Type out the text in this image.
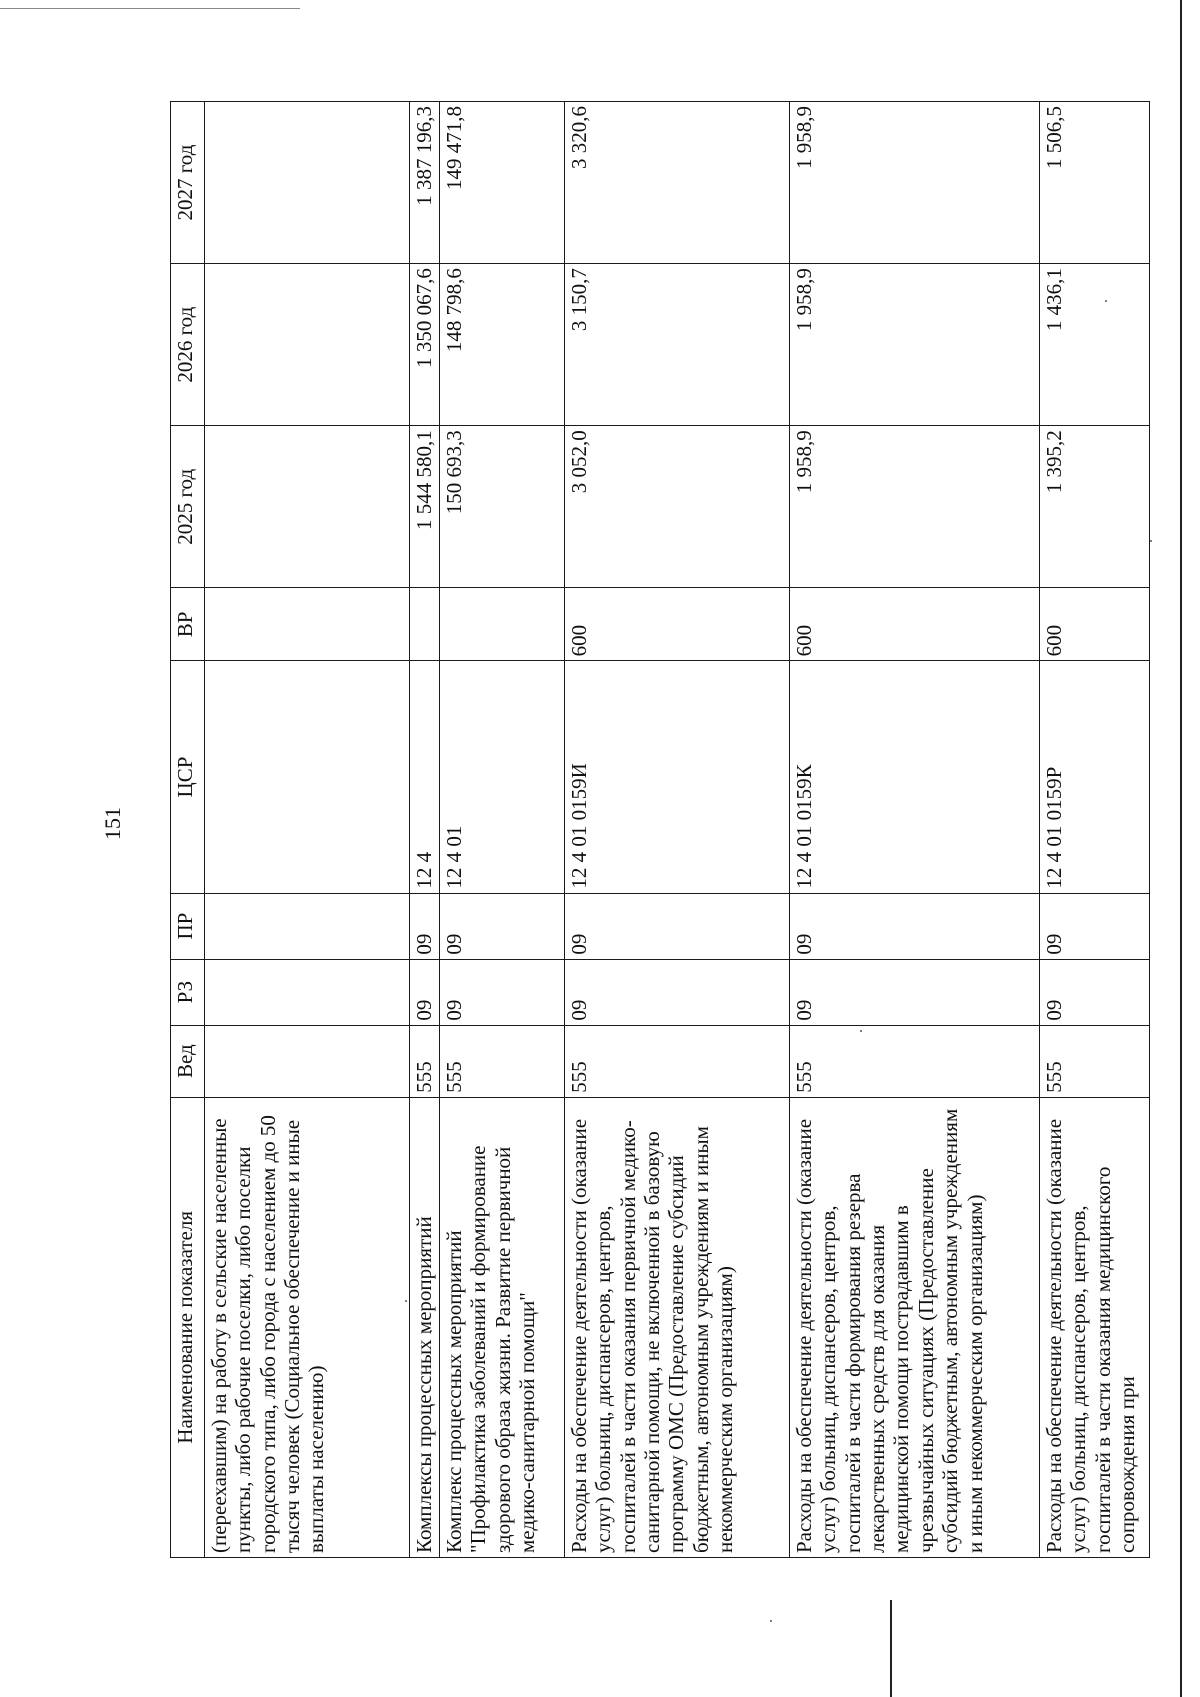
151
Наименование показателя	Вед	РЗ	ПР	ЦСР	ВР	2025 год	2026 год	2027 год
(переехавшим) на работу в сельские населенные пункты, либо рабочие поселки, либо поселки городского типа, либо города с населением до 50 тысяч человек (Социальное обеспечение и иные выплаты населению)								
Комплексы процессных мероприятий	555	09	09	12 4		1 544 580,1	1 350 067,6	1 387 196,3
Комплекс процессных мероприятий "Профилактика заболеваний и формирование здорового образа жизни. Развитие первичной медико-санитарной помощи"	555	09	09	12 4 01		150 693,3	148 798,6	149 471,8
Расходы на обеспечение деятельности (оказание услуг) больниц, диспансеров, центров, госпиталей в части оказания первичной медико-санитарной помощи, не включенной в базовую программу ОМС (Предоставление субсидий бюджетным, автономным учреждениям и иным некоммерческим организациям)	555	09	09	12 4 01 0159И	600	3 052,0	3 150,7	3 320,6
Расходы на обеспечение деятельности (оказание услуг) больниц, диспансеров, центров, госпиталей в части формирования резерва лекарственных средств для оказания медицинской помощи пострадавшим в чрезвычайных ситуациях (Предоставление субсидий бюджетным, автономным учреждениям и иным некоммерческим организациям)	555	09	09	12 4 01 0159К	600	1 958,9	1 958,9	1 958,9
Расходы на обеспечение деятельности (оказание услуг) больниц, диспансеров, центров, госпиталей в части оказания медицинского сопровождения при	555	09	09	12 4 01 0159Р	600	1 395,2	1 436,1	1 506,5
